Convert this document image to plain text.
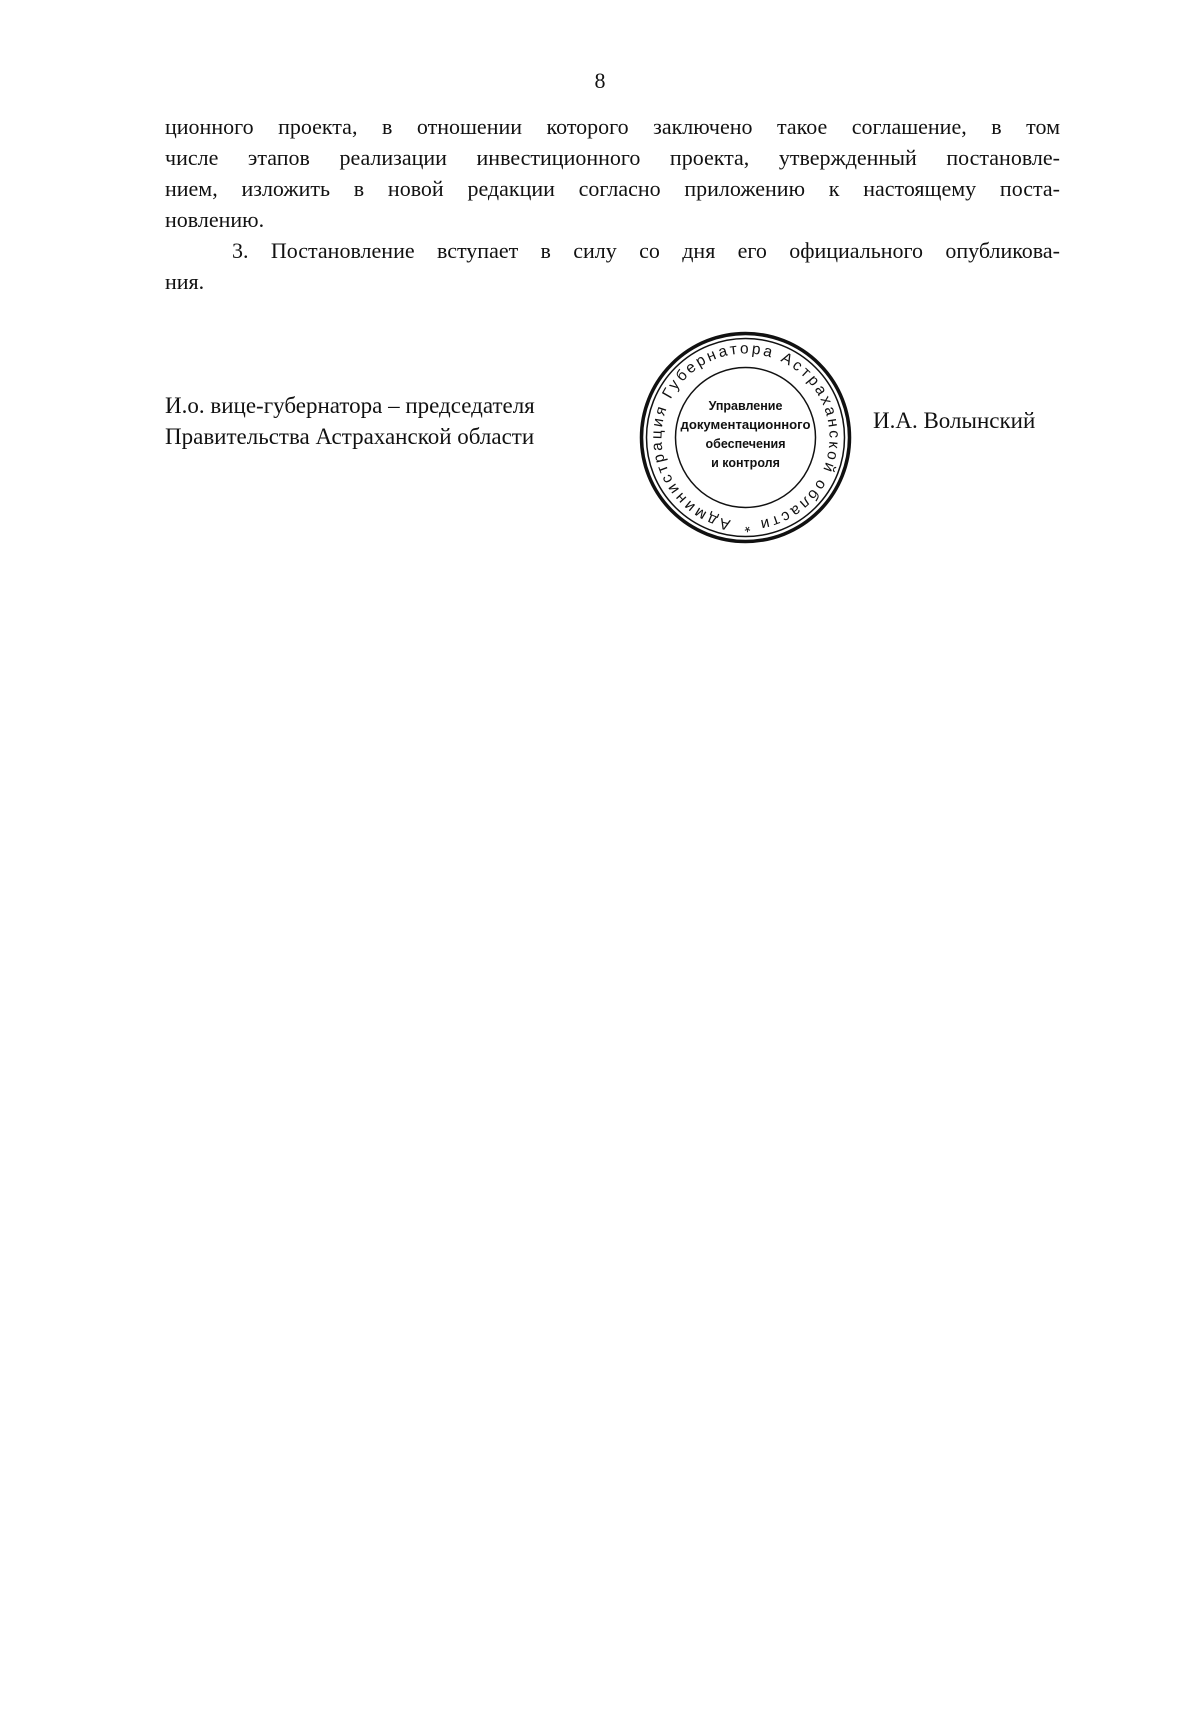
8
ционного проекта, в отношении которого заключено такое соглашение, в том
числе этапов реализации инвестиционного проекта, утвержденный постановле-
нием, изложить в новой редакции согласно приложению к настоящему поста-
новлению.
3. Постановление вступает в силу со дня его официального опубликова-
ния.
И.о. вице-губернатора – председателя
Правительства Астраханской области
И.А. Волынский
Администрация Губернатора Астраханской области *
Управление
документационного
обеспечения
и контроля
